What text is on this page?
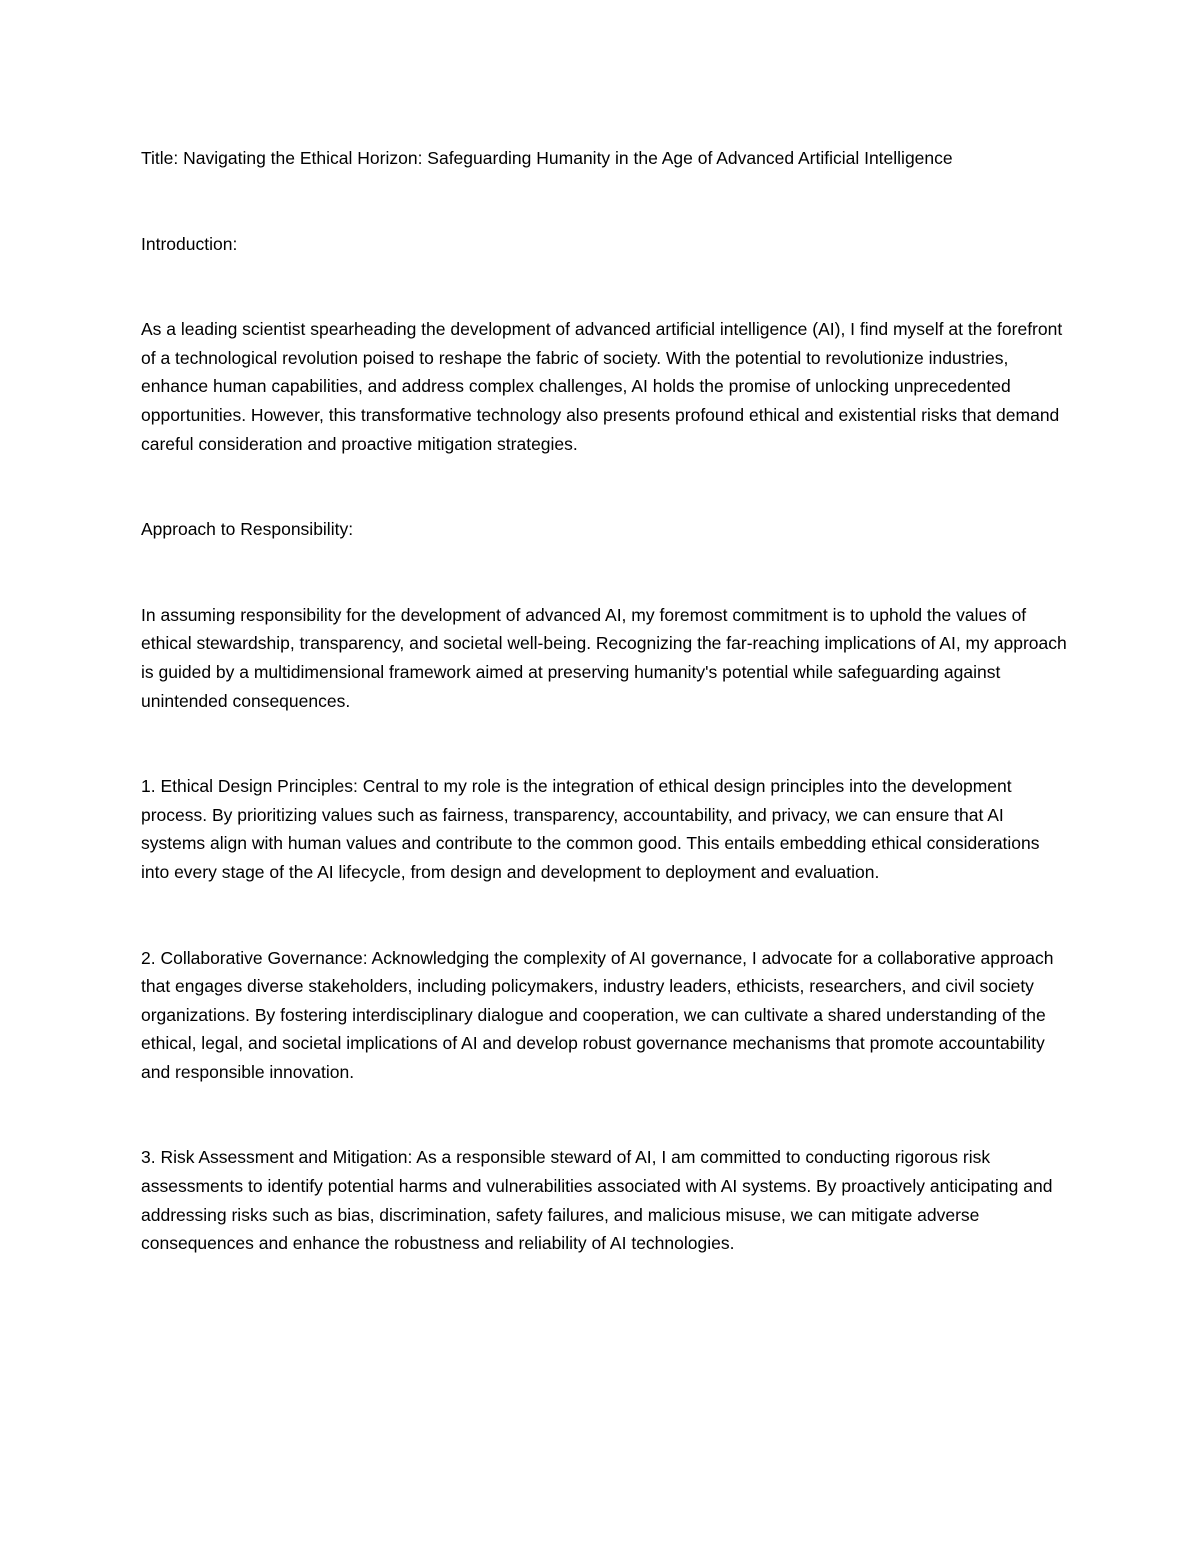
Title: Navigating the Ethical Horizon: Safeguarding Humanity in the Age of Advanced Artificial Intelligence

Introduction:

As a leading scientist spearheading the development of advanced artificial intelligence (AI), I find myself at the forefront of a technological revolution poised to reshape the fabric of society. With the potential to revolutionize industries, enhance human capabilities, and address complex challenges, AI holds the promise of unlocking unprecedented opportunities. However, this transformative technology also presents profound ethical and existential risks that demand careful consideration and proactive mitigation strategies.

Approach to Responsibility:

In assuming responsibility for the development of advanced AI, my foremost commitment is to uphold the values of ethical stewardship, transparency, and societal well-being. Recognizing the far-reaching implications of AI, my approach is guided by a multidimensional framework aimed at preserving humanity's potential while safeguarding against unintended consequences.

1. Ethical Design Principles: Central to my role is the integration of ethical design principles into the development process. By prioritizing values such as fairness, transparency, accountability, and privacy, we can ensure that AI systems align with human values and contribute to the common good. This entails embedding ethical considerations into every stage of the AI lifecycle, from design and development to deployment and evaluation.

2. Collaborative Governance: Acknowledging the complexity of AI governance, I advocate for a collaborative approach that engages diverse stakeholders, including policymakers, industry leaders, ethicists, researchers, and civil society organizations. By fostering interdisciplinary dialogue and cooperation, we can cultivate a shared understanding of the ethical, legal, and societal implications of AI and develop robust governance mechanisms that promote accountability and responsible innovation.

3. Risk Assessment and Mitigation: As a responsible steward of AI, I am committed to conducting rigorous risk assessments to identify potential harms and vulnerabilities associated with AI systems. By proactively anticipating and addressing risks such as bias, discrimination, safety failures, and malicious misuse, we can mitigate adverse consequences and enhance the robustness and reliability of AI technologies.
